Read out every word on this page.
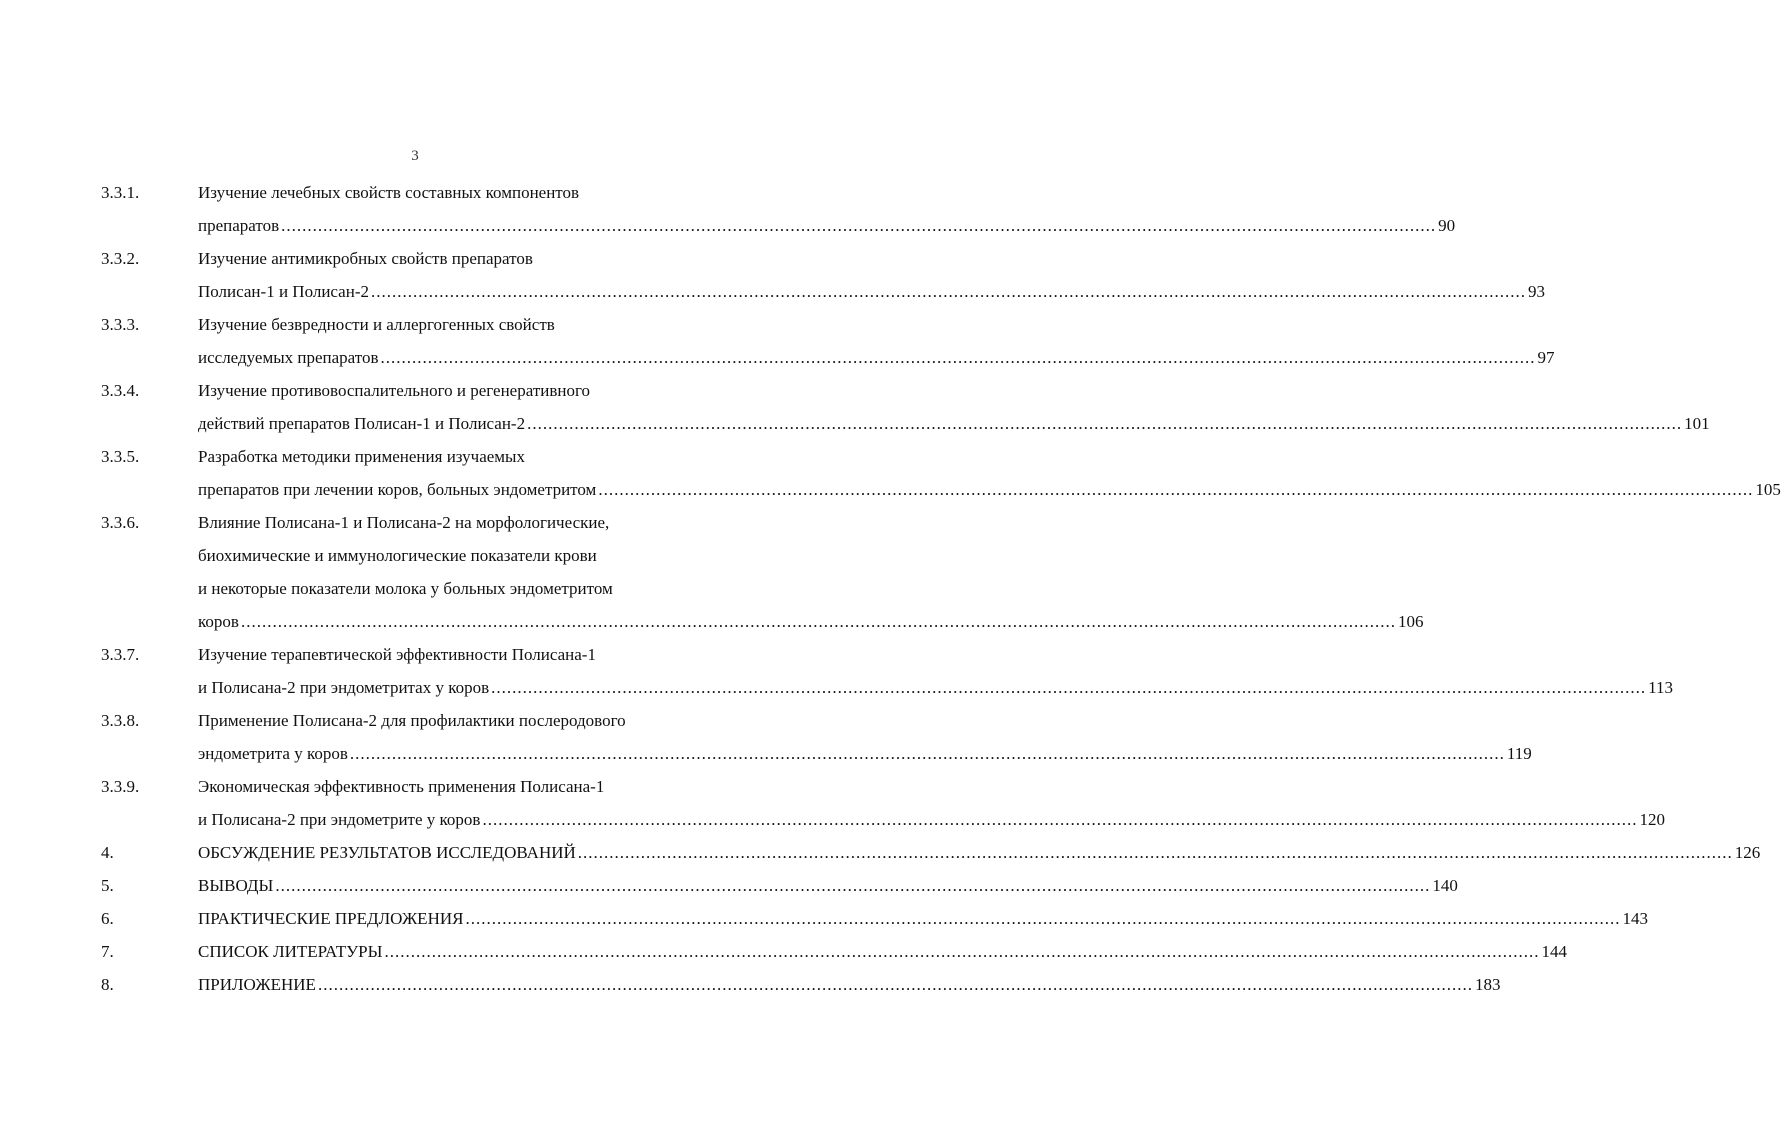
3
3.3.1.	Изучение лечебных свойств составных компонентов
препаратов ............................................................................................................................................................................................................................ 90
3.3.2.	Изучение антимикробных свойств препаратов
Полисан-1 и Полисан-2 ............................................................................................................................................................................................................................ 93
3.3.3.	Изучение безвредности и аллергогенных свойств
исследуемых препаратов ............................................................................................................................................................................................................................ 97
3.3.4.	Изучение противовоспалительного и регенеративного
действий препаратов Полисан-1 и Полисан-2 ............................................................................................................................................................................................................................ 101
3.3.5.	Разработка методики применения изучаемых
препаратов при лечении коров, больных эндометритом ............................................................................................................................................................................................................................ 105
3.3.6.	Влияние Полисана-1 и Полисана-2 на морфологические,
биохимические и иммунологические показатели крови
и некоторые показатели молока у больных эндометритом
коров ............................................................................................................................................................................................................................ 106
3.3.7.	Изучение терапевтической эффективности Полисана-1
и Полисана-2 при эндометритах у коров ............................................................................................................................................................................................................................ 113
3.3.8.	Применение Полисана-2 для профилактики послеродового
эндометрита у коров ............................................................................................................................................................................................................................ 119
3.3.9.	Экономическая эффективность применения Полисана-1
и Полисана-2 при эндометрите у коров ............................................................................................................................................................................................................................ 120
4.	ОБСУЖДЕНИЕ РЕЗУЛЬТАТОВ ИССЛЕДОВАНИЙ ............................................................................................................................................................................................................................ 126
5.	ВЫВОДЫ ............................................................................................................................................................................................................................ 140
6.	ПРАКТИЧЕСКИЕ ПРЕДЛОЖЕНИЯ ............................................................................................................................................................................................................................ 143
7.	СПИСОК ЛИТЕРАТУРЫ ............................................................................................................................................................................................................................ 144
8.	ПРИЛОЖЕНИЕ ............................................................................................................................................................................................................................ 183
